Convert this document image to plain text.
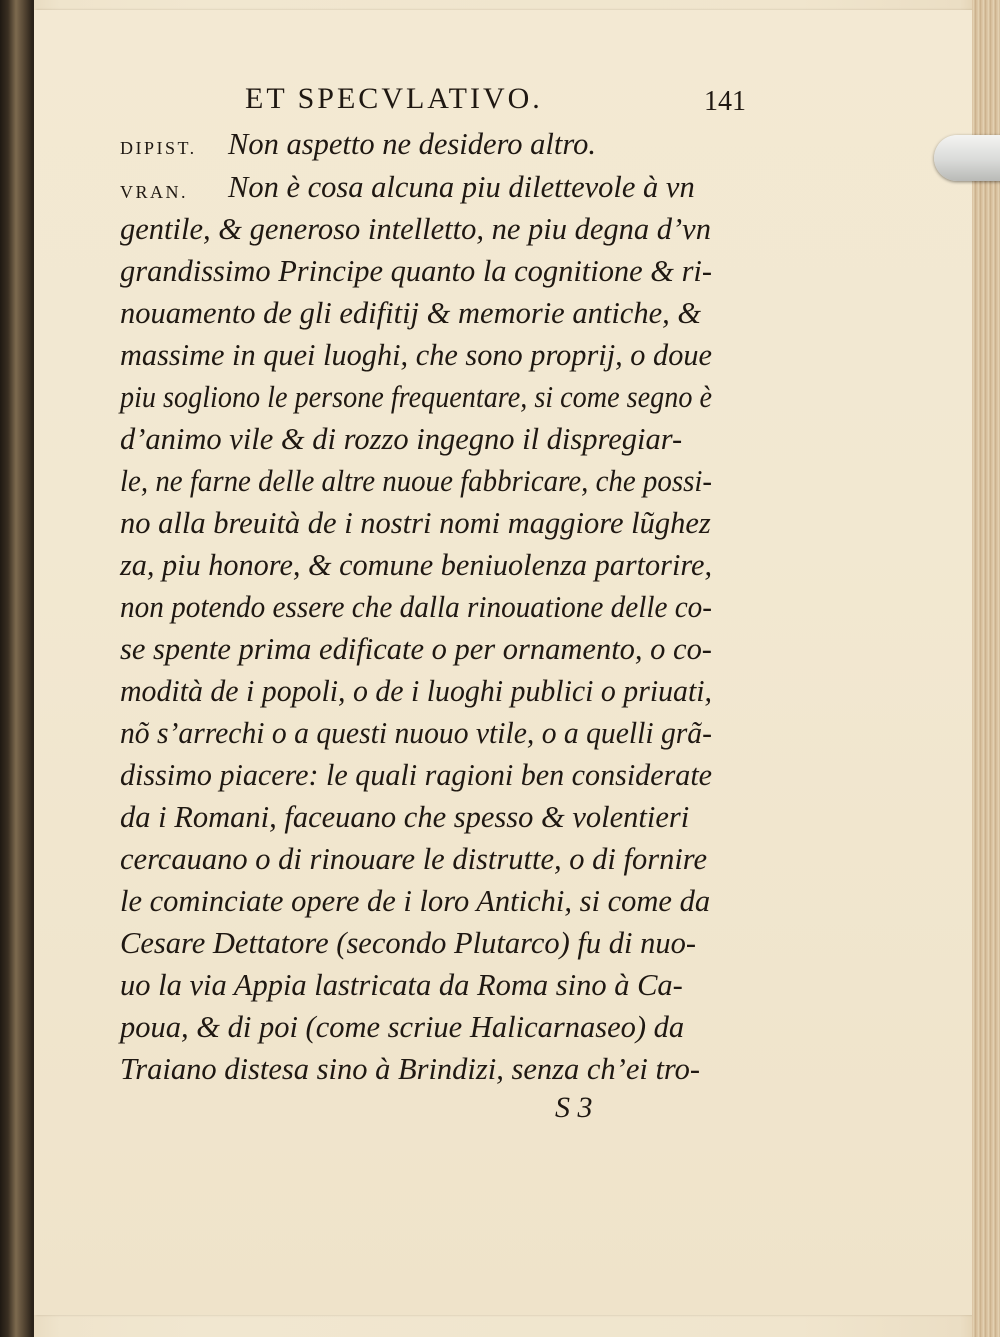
ET SPECVLATIVO.	141
DIPIST. Non aspetto ne desidero altro.
VRAN. Non è cosa alcuna piu dilettevole à vn
gentile, & generoso intelletto, ne piu degna d’vn
grandissimo Principe quanto la cognitione & ri-
nouamento de gli edifitij & memorie antiche, &
massime in quei luoghi, che sono proprij, o doue
piu sogliono le persone frequentare, si come segno è
d’animo vile & di rozzo ingegno il dispregiar-
le, ne farne delle altre nuoue fabbricare, che possi-
no alla breuità de i nostri nomi maggiore lũghez
za, piu honore, & comune beniuolenza partorire,
non potendo essere che dalla rinouatione delle co-
se spente prima edificate o per ornamento, o co-
modità de i popoli, o de i luoghi publici o priuati,
nõ s’arrechi o a questi nuouo vtile, o a quelli grã-
dissimo piacere: le quali ragioni ben considerate
da i Romani, faceuano che spesso & volentieri
cercauano o di rinouare le distrutte, o di fornire
le cominciate opere de i loro Antichi, si come da
Cesare Dettatore (secondo Plutarco) fu di nuo-
uo la via Appia lastricata da Roma sino à Ca-
poua, & di poi (come scriue Halicarnaseo) da
Traiano distesa sino à Brindizi, senza ch’ei tro-
S 3
